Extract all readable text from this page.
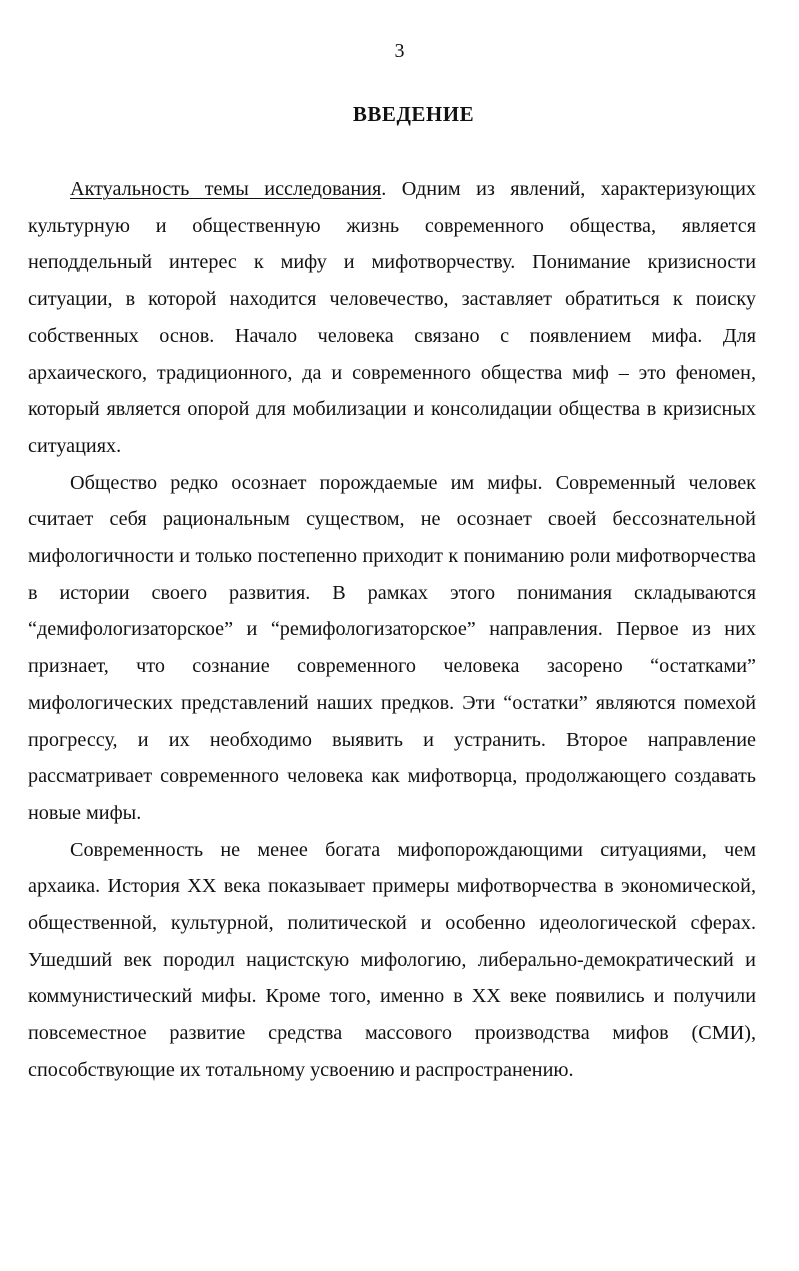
3
ВВЕДЕНИЕ

Актуальность темы исследования. Одним из явлений, характеризующих культурную и общественную жизнь современного общества, является неподдельный интерес к мифу и мифотворчеству. Понимание кризисности ситуации, в которой находится человечество, заставляет обратиться к поиску собственных основ. Начало человека связано с появлением мифа. Для архаического, традиционного, да и современного общества миф – это феномен, который является опорой для мобилизации и консолидации общества в кризисных ситуациях.

Общество редко осознает порождаемые им мифы. Современный человек считает себя рациональным существом, не осознает своей бессознательной мифологичности и только постепенно приходит к пониманию роли мифотворчества в истории своего развития. В рамках этого понимания складываются “демифологизаторское” и “ремифологизаторское” направления. Первое из них признает, что сознание современного человека засорено “остатками” мифологических представлений наших предков. Эти “остатки” являются помехой прогрессу, и их необходимо выявить и устранить. Второе направление рассматривает современного человека как мифотворца, продолжающего создавать новые мифы.

Современность не менее богата мифопорождающими ситуациями, чем архаика. История XX века показывает примеры мифотворчества в экономической, общественной, культурной, политической и особенно идеологической сферах. Ушедший век породил нацистскую мифологию, либерально-демократический и коммунистический мифы. Кроме того, именно в XX веке появились и получили повсеместное развитие средства массового производства мифов (СМИ), способствующие их тотальному усвоению и распространению.
